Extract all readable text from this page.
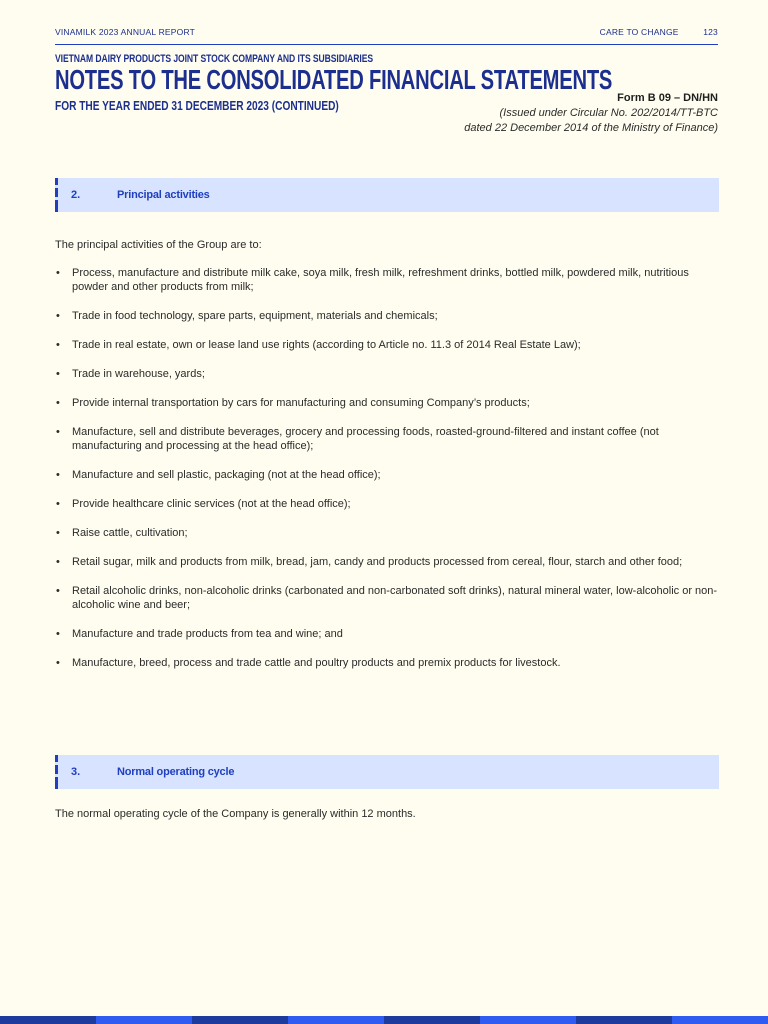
VINAMILK 2023 ANNUAL REPORT	CARE TO CHANGE	123
VIETNAM DAIRY PRODUCTS JOINT STOCK COMPANY AND ITS SUBSIDIARIES
NOTES TO THE CONSOLIDATED FINANCIAL STATEMENTS
FOR THE YEAR ENDED 31 DECEMBER 2023 (CONTINUED)	Form B 09 – DN/HN
(Issued under Circular No. 202/2014/TT-BTC
dated 22 December 2014 of the Ministry of Finance)
2.	Principal activities
The principal activities of the Group are to:
• Process, manufacture and distribute milk cake, soya milk, fresh milk, refreshment drinks, bottled milk, powdered milk, nutritious powder and other products from milk;
• Trade in food technology, spare parts, equipment, materials and chemicals;
• Trade in real estate, own or lease land use rights (according to Article no. 11.3 of 2014 Real Estate Law);
• Trade in warehouse, yards;
• Provide internal transportation by cars for manufacturing and consuming Company’s products;
• Manufacture, sell and distribute beverages, grocery and processing foods, roasted-ground-filtered and instant coffee (not manufacturing and processing at the head office);
• Manufacture and sell plastic, packaging (not at the head office);
• Provide healthcare clinic services (not at the head office);
• Raise cattle, cultivation;
• Retail sugar, milk and products from milk, bread, jam, candy and products processed from cereal, flour, starch and other food;
• Retail alcoholic drinks, non-alcoholic drinks (carbonated and non-carbonated soft drinks), natural mineral water, low-alcoholic or non-alcoholic wine and beer;
• Manufacture and trade products from tea and wine; and
• Manufacture, breed, process and trade cattle and poultry products and premix products for livestock.
3.	Normal operating cycle
The normal operating cycle of the Company is generally within 12 months.
